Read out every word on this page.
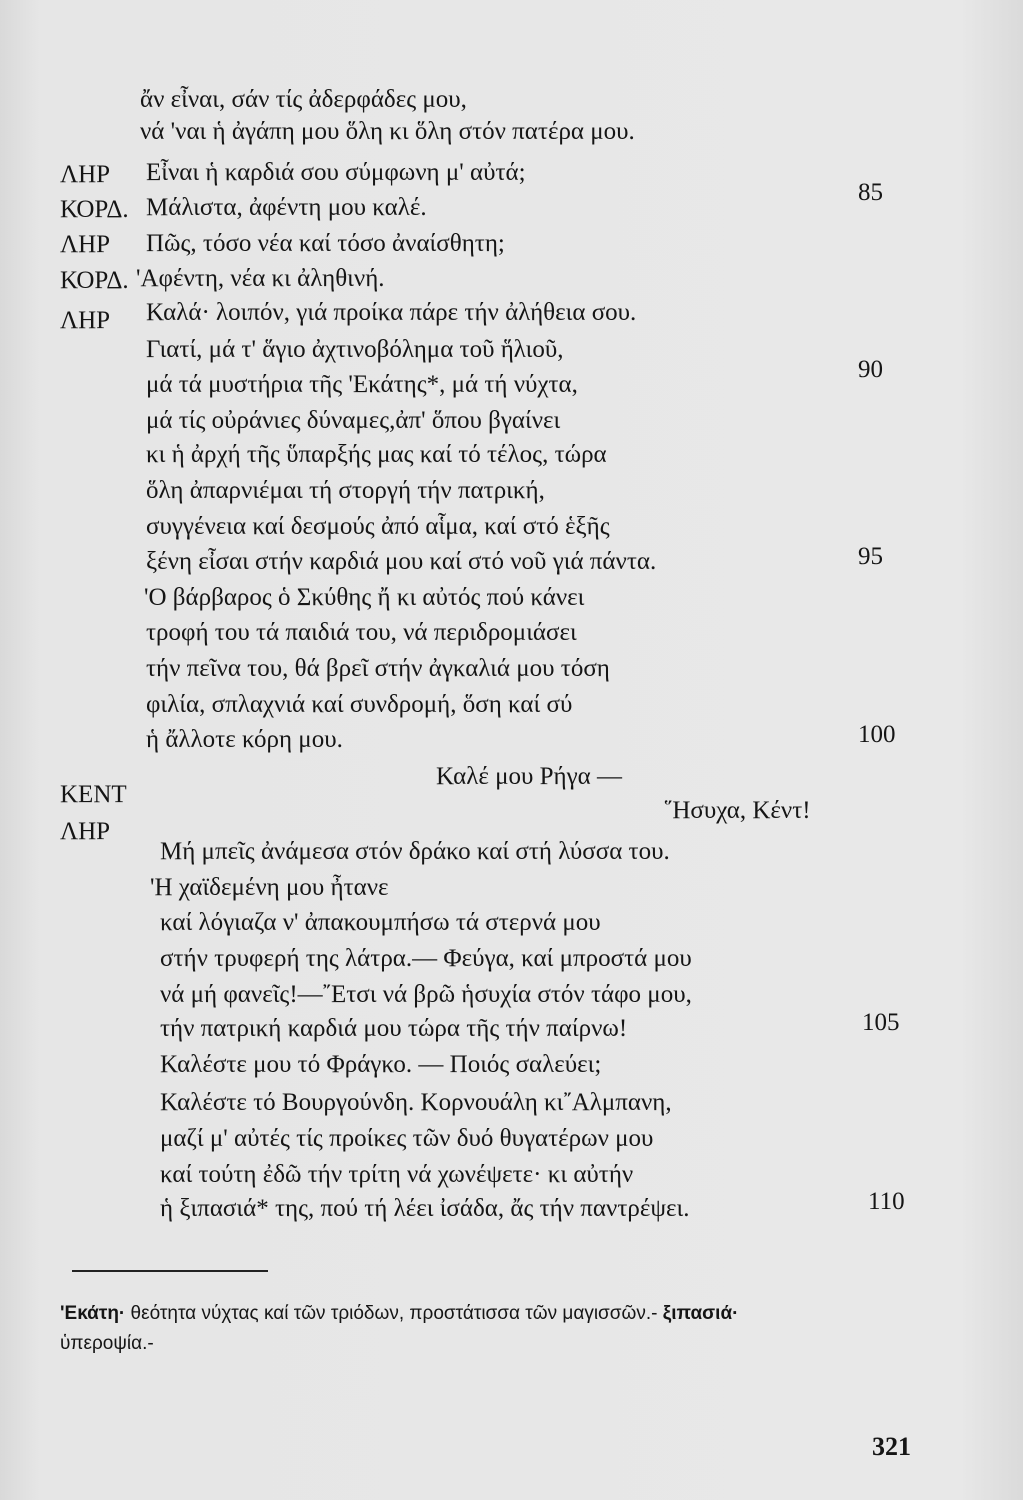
ἄν εἶναι, σάν τίς ἀδερφάδες μου,
νά 'ναι ἡ ἀγάπη μου ὅλη κι ὅλη στόν πατέρα μου.
ΛΗΡ Εἶναι ἡ καρδιά σου σύμφωνη μ' αὐτά;
ΚΟΡΔ. Μάλιστα, ἀφέντη μου καλέ.
85
ΛΗΡ Πῶς, τόσο νέα καί τόσο ἀναίσθητη;
ΚΟΡΔ. 'Αφέντη, νέα κι ἀληθινή.
ΛΗΡ Καλά· λοιπόν, γιά προίκα πάρε τήν ἀλήθεια σου.
Γιατί, μά τ' ἅγιο ἀχτινοβόλημα τοῦ ἥλιοῦ,
μά τά μυστήρια τῆς 'Εκάτης*, μά τή νύχτα,
90
μά τίς οὐράνιες δύναμες,ἀπ' ὅπου βγαίνει
κι ἡ ἀρχή τῆς ὕπαρξής μας καί τό τέλος, τώρα
ὅλη ἀπαρνιέμαι τή στοργή τήν πατρική,
συγγένεια καί δεσμούς ἀπό αἷμα, καί στό ἑξῆς
ξένη εἶσαι στήν καρδιά μου καί στό νοῦ γιά πάντα.	95
'Ο βάρβαρος ὁ Σκύθης ἤ κι αὐτός πού κάνει
τροφή του τά παιδιά του, νά περιδρομιάσει
τήν πεῖνα του, θά βρεῖ στήν ἀγκαλιά μου τόση
φιλία, σπλαχνιά καί συνδρομή, ὅση καί σύ
ἡ ἄλλοτε κόρη μου.	100
ΚΕΝΤ
Καλέ μου Ρήγα —
ΛΗΡ
῞Ησυχα, Κέντ!
Μή μπεῖς ἀνάμεσα στόν δράκο καί στή λύσσα του.
'Η χαϊδεμένη μου ἦτανε
καί λόγιαζα ν' ἀπακουμπήσω τά στερνά μου
στήν τρυφερή της λάτρα.— Φεύγα, καί μπροστά μου
νά μή φανεῖς!—῎Ετσι νά βρῶ ἡσυχία στόν τάφο μου,
τήν πατρική καρδιά μου τώρα τῆς τήν παίρνω!	105
Καλέστε μου τό Φράγκο. — Ποιός σαλεύει;
Καλέστε τό Βουργούνδη. Κορνουάλη κι῎Αλμπανη,
μαζί μ' αὐτές τίς προίκες τῶν δυό θυγατέρων μου
καί τούτη ἐδῶ τήν τρίτη νά χωνέψετε· κι αὐτήν
ἡ ξιπασιά* της, πού τή λέει ἰσάδα, ἄς τήν παντρέψει.	110
'Εκάτη· θεότητα νύχτας καί τῶν τριόδων, προστάτισσα τῶν μαγισσῶν.- ξιπασιά·
ὑπεροψία.-
321
